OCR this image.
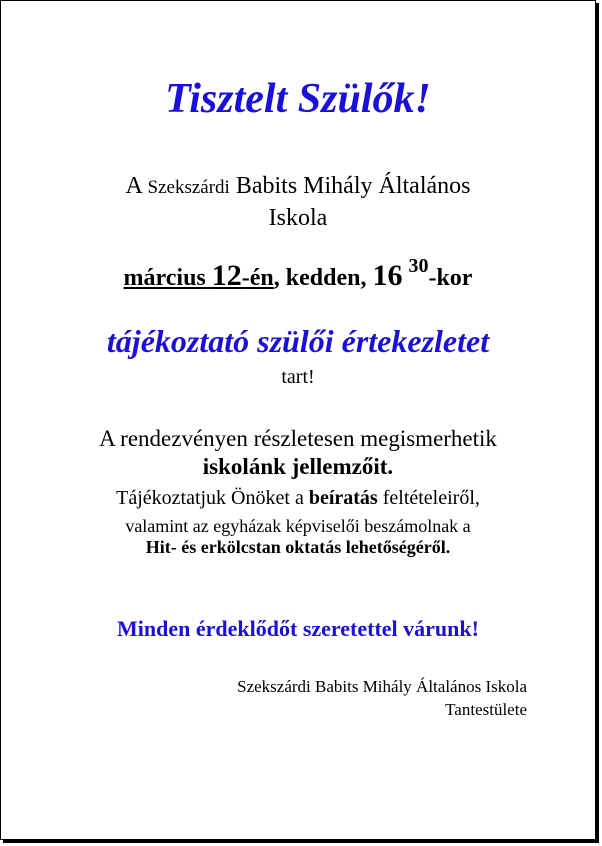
Tisztelt Szülők!
A Szekszárdi Babits Mihály Általános
Iskola
március 12-én, kedden, 16 $^{30}$-kor
tájékoztató szülői értekezletet
tart!
A rendezvényen részletesen megismerhetik
iskolánk jellemzőit.
Tájékoztatjuk Önöket a beíratás feltételeiről,
valamint az egyházak képviselői beszámolnak a
Hit- és erkölcstan oktatás lehetőségéről.
Minden érdeklődőt szeretettel várunk!
Szekszárdi Babits Mihály Általános Iskola
Tantestülete
